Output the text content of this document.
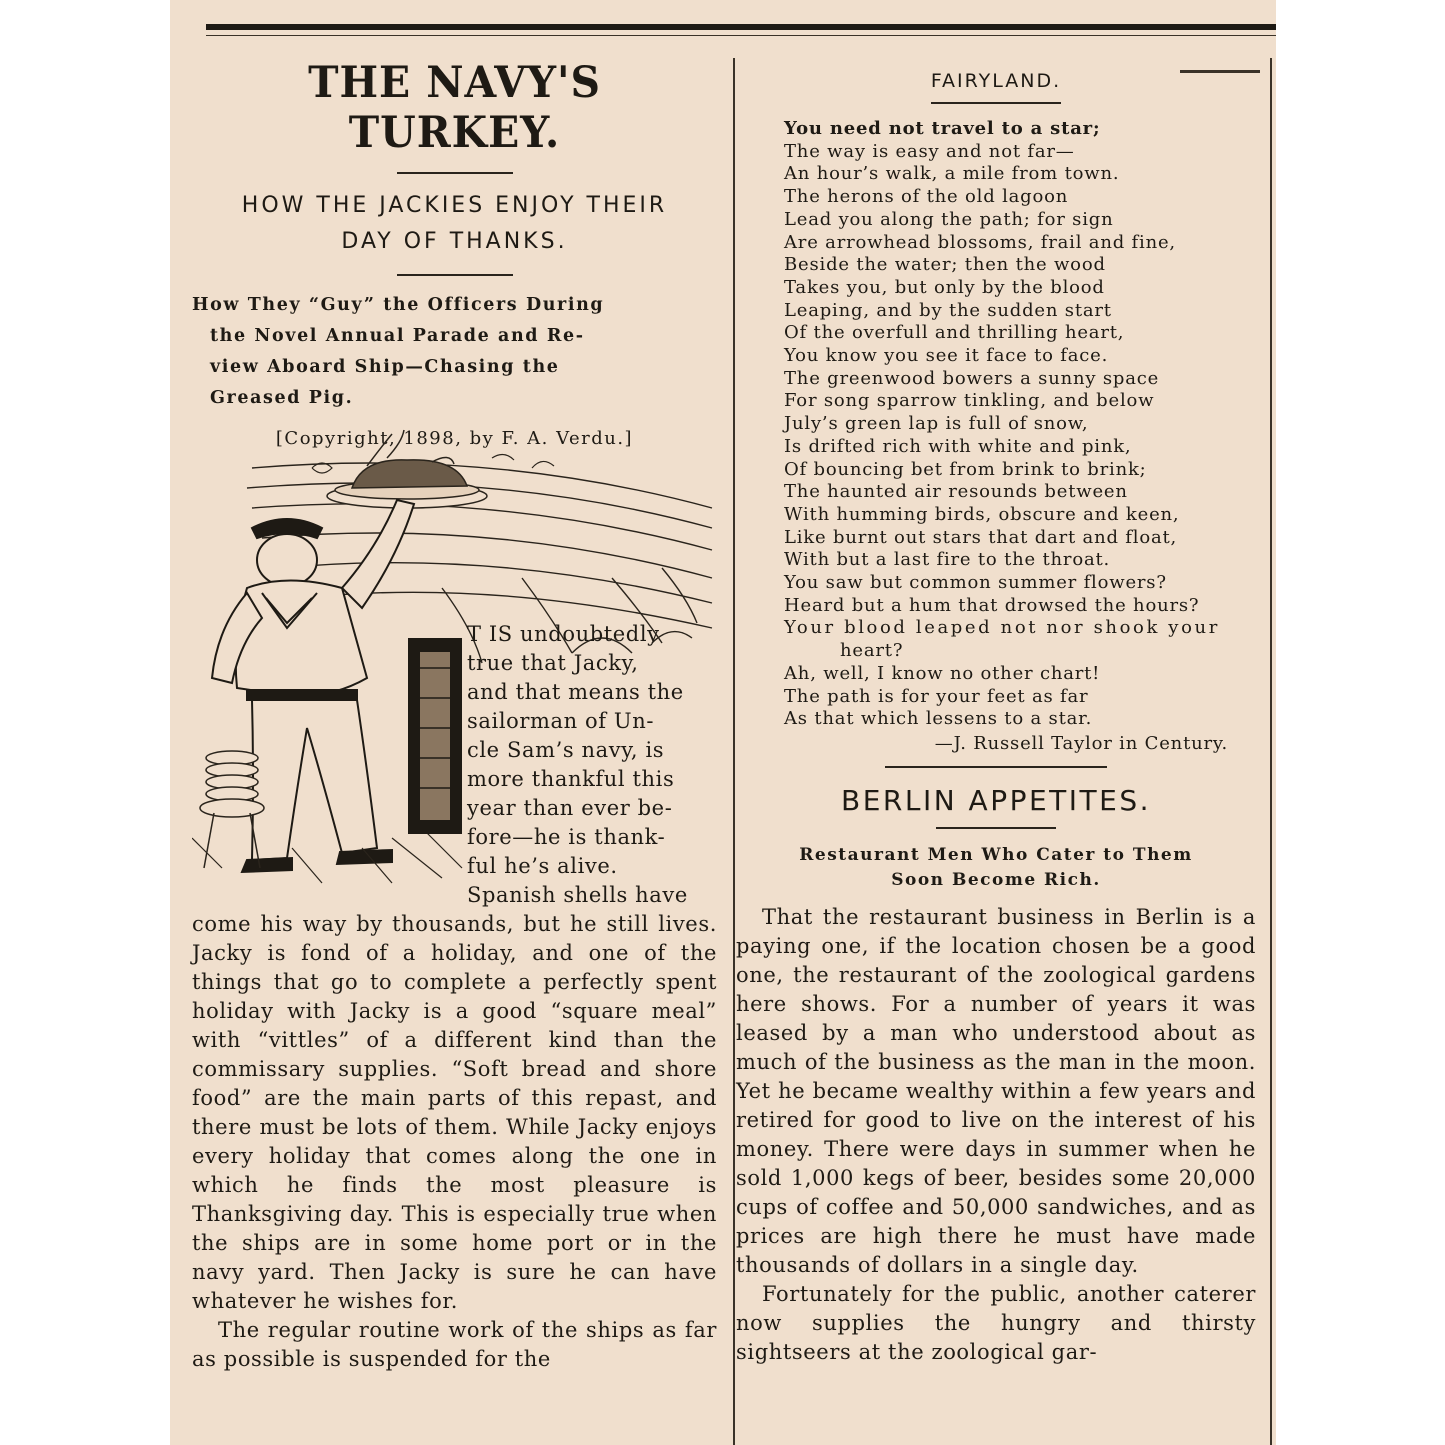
THE NAVY'S TURKEY.

HOW THE JACKIES ENJOY THEIR
DAY OF THANKS.

How They “Guy” the Officers During
the Novel Annual Parade and Re-
view Aboard Ship—Chasing the
Greased Pig.

[Copyright, 1898, by F. A. Verdu.]

T IS undoubtedly
true that Jacky,
and that means the
sailorman of Un-
cle Sam’s navy, is
more thankful this
year than ever be-
fore—he is thank-
ful he’s alive.
Spanish shells have

come his way by thousands, but he still lives. Jacky is fond of a holiday, and one of the things that go to complete a perfectly spent holiday with Jacky is a good “square meal” with “vittles” of a different kind than the commissary supplies. “Soft bread and shore food” are the main parts of this repast, and there must be lots of them. While Jacky enjoys every holiday that comes along the one in which he finds the most pleasure is Thanksgiving day. This is especially true when the ships are in some home port or in the navy yard. Then Jacky is sure he can have whatever he wishes for.

The regular routine work of the ships as far as possible is suspended for the

FAIRYLAND.

You need not travel to a star;
The way is easy and not far—
An hour’s walk, a mile from town.
The herons of the old lagoon
Lead you along the path; for sign
Are arrowhead blossoms, frail and fine,
Beside the water; then the wood
Takes you, but only by the blood
Leaping, and by the sudden start
Of the overfull and thrilling heart,
You know you see it face to face.
The greenwood bowers a sunny space
For song sparrow tinkling, and below
July’s green lap is full of snow,
Is drifted rich with white and pink,
Of bouncing bet from brink to brink;
The haunted air resounds between
With humming birds, obscure and keen,
Like burnt out stars that dart and float,
With but a last fire to the throat.
You saw but common summer flowers?
Heard but a hum that drowsed the hours?
Your blood leaped not nor shook your
heart?
Ah, well, I know no other chart!
The path is for your feet as far
As that which lessens to a star.

—J. Russell Taylor in Century.

BERLIN APPETITES.

Restaurant Men Who Cater to Them
Soon Become Rich.

That the restaurant business in Berlin is a paying one, if the location chosen be a good one, the restaurant of the zoological gardens here shows. For a number of years it was leased by a man who understood about as much of the business as the man in the moon. Yet he became wealthy within a few years and retired for good to live on the interest of his money. There were days in summer when he sold 1,000 kegs of beer, besides some 20,000 cups of coffee and 50,000 sandwiches, and as prices are high there he must have made thousands of dollars in a single day.

Fortunately for the public, another caterer now supplies the hungry and thirsty sightseers at the zoological gar-
